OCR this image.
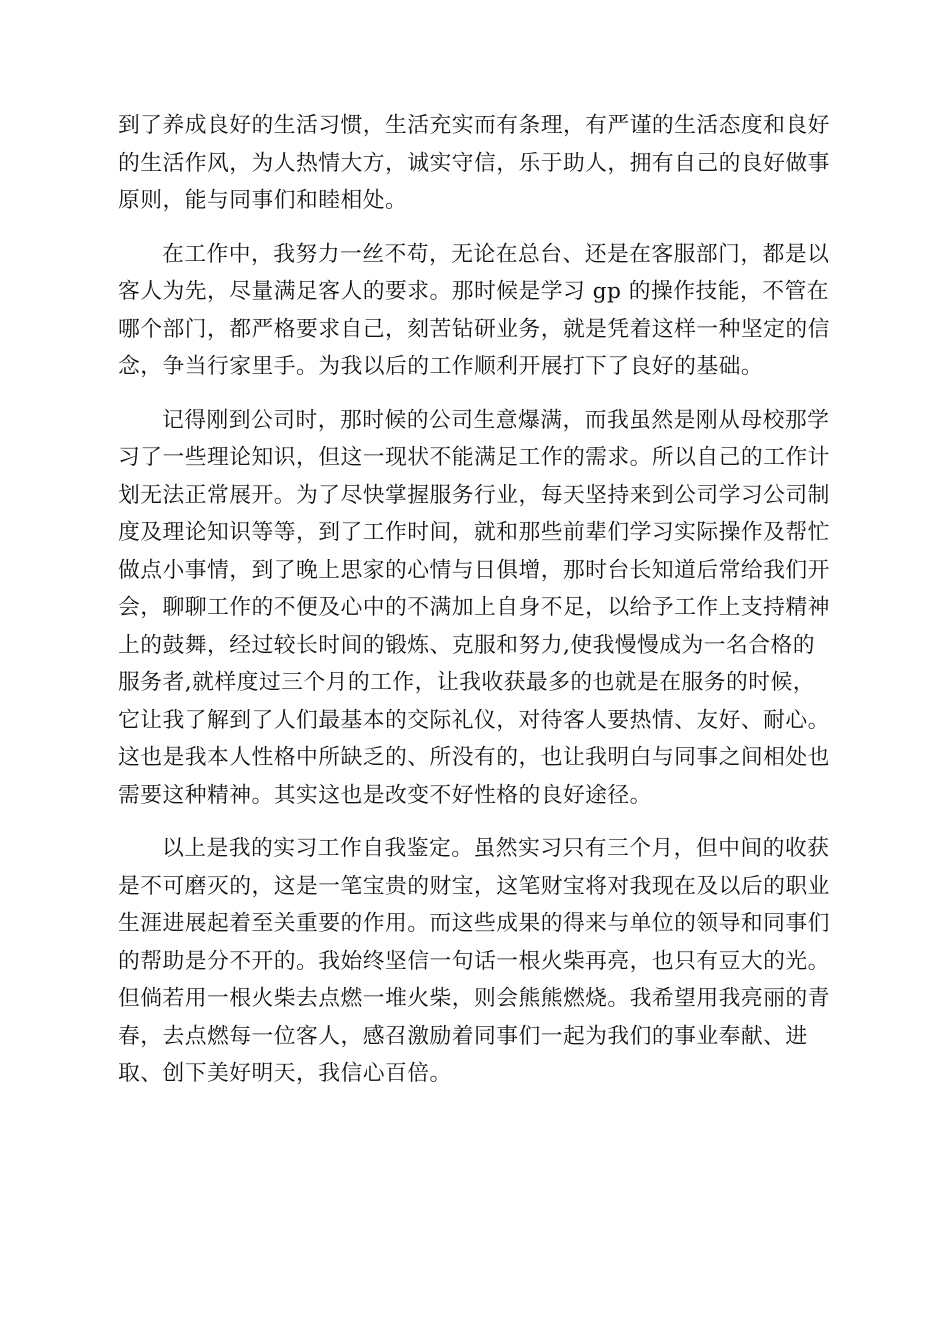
到了养成良好的生活习惯，生活充实而有条理，有严谨的生活态度和良好
的生活作风，为人热情大方，诚实守信，乐于助人，拥有自己的良好做事
原则，能与同事们和睦相处。

在工作中，我努力一丝不苟，无论在总台、还是在客服部门，都是以
客人为先，尽量满足客人的要求。那时候是学习 gp 的操作技能，不管在
哪个部门，都严格要求自己，刻苦钻研业务，就是凭着这样一种坚定的信
念，争当行家里手。为我以后的工作顺利开展打下了良好的基础。

记得刚到公司时，那时候的公司生意爆满，而我虽然是刚从母校那学
习了一些理论知识，但这一现状不能满足工作的需求。所以自己的工作计
划无法正常展开。为了尽快掌握服务行业，每天坚持来到公司学习公司制
度及理论知识等等，到了工作时间，就和那些前辈们学习实际操作及帮忙
做点小事情，到了晚上思家的心情与日俱增，那时台长知道后常给我们开
会，聊聊工作的不便及心中的不满加上自身不足，以给予工作上支持精神
上的鼓舞，经过较长时间的锻炼、克服和努力,使我慢慢成为一名合格的
服务者,就样度过三个月的工作，让我收获最多的也就是在服务的时候，
它让我了解到了人们最基本的交际礼仪，对待客人要热情、友好、耐心。
这也是我本人性格中所缺乏的、所没有的，也让我明白与同事之间相处也
需要这种精神。其实这也是改变不好性格的良好途径。

以上是我的实习工作自我鉴定。虽然实习只有三个月，但中间的收获
是不可磨灭的，这是一笔宝贵的财宝，这笔财宝将对我现在及以后的职业
生涯进展起着至关重要的作用。而这些成果的得来与单位的领导和同事们
的帮助是分不开的。我始终坚信一句话一根火柴再亮，也只有豆大的光。
但倘若用一根火柴去点燃一堆火柴，则会熊熊燃烧。我希望用我亮丽的青
春，去点燃每一位客人，感召激励着同事们一起为我们的事业奉献、进
取、创下美好明天，我信心百倍。
